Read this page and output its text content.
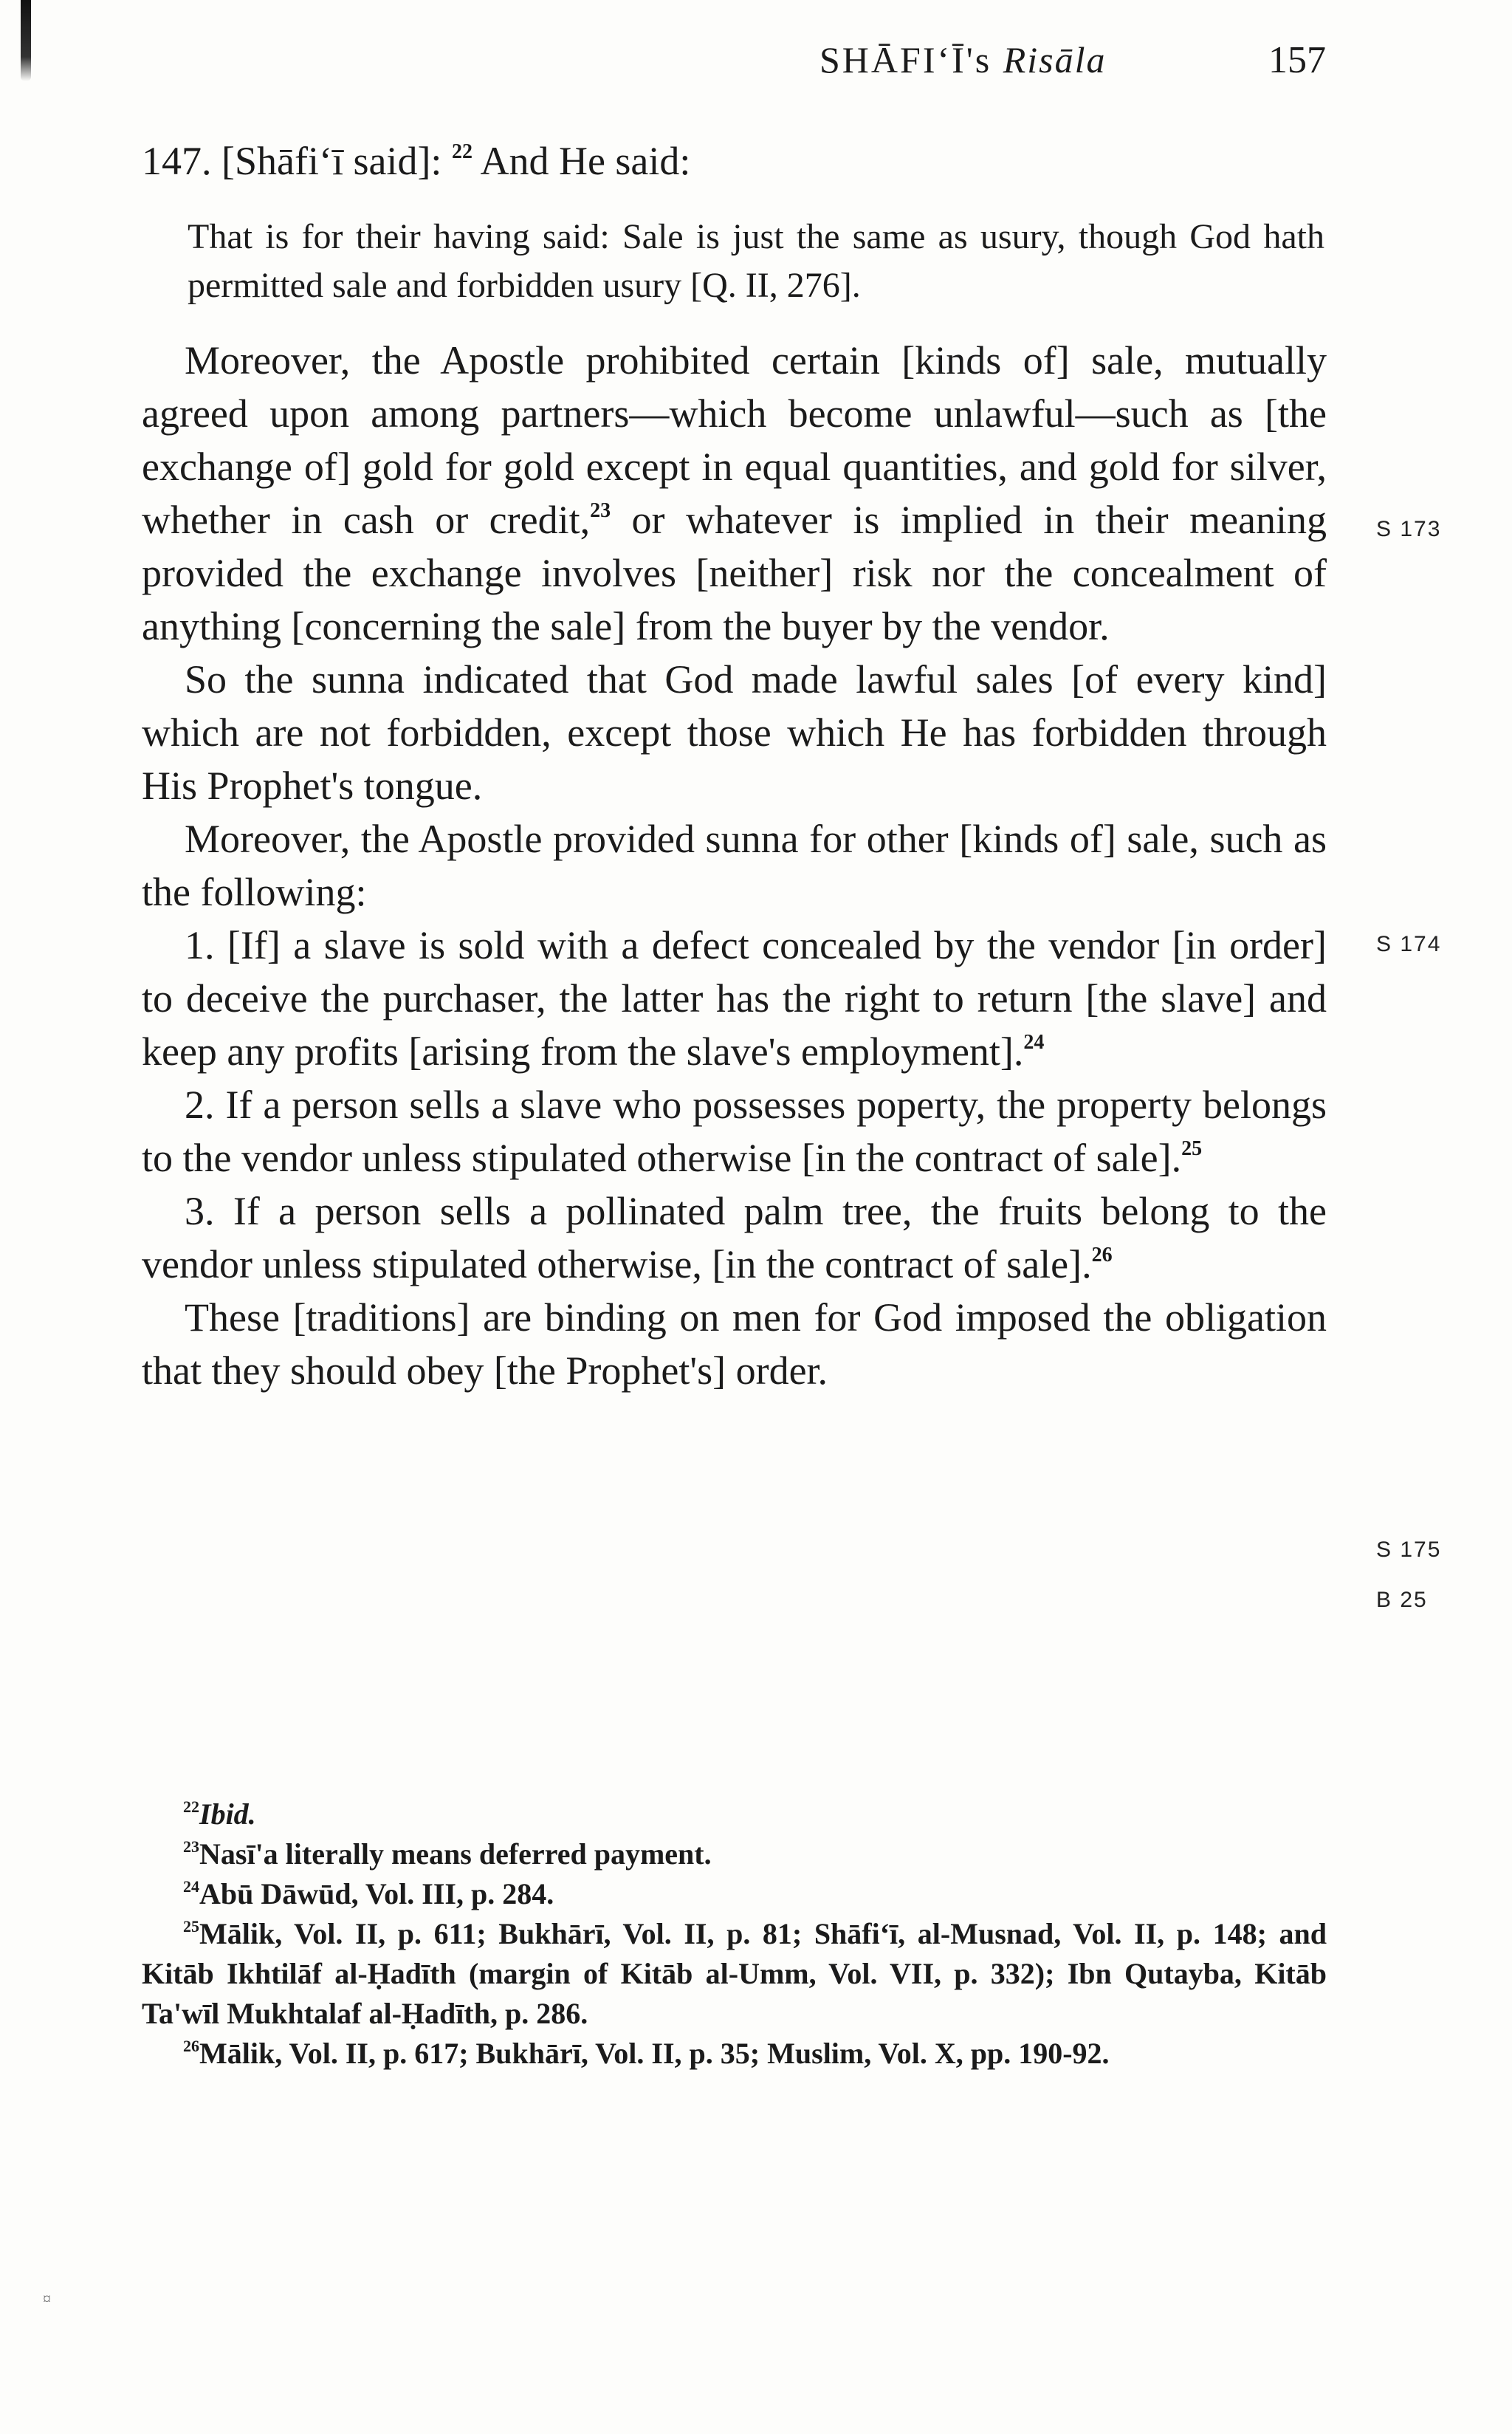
¤
SHĀFI‘Ī's Risāla	157

147. [Shāfi‘ī said]: $^{22}$ And He said:

That is for their having said: Sale is just the same as usury, though God hath permitted sale and forbidden usury [Q. II, 276].

Moreover, the Apostle prohibited certain [kinds of] sale, mutually agreed upon among partners—which become unlawful—such as [the exchange of] gold for gold except in equal quantities, and gold for silver, whether in cash or credit,$^{23}$ or whatever is implied in their meaning provided the exchange involves [neither] risk nor the concealment of anything [concerning the sale] from the buyer by the vendor.

So the sunna indicated that God made lawful sales [of every kind] which are not forbidden, except those which He has forbidden through His Prophet's tongue.

Moreover, the Apostle provided sunna for other [kinds of] sale, such as the following:

1. [If] a slave is sold with a defect concealed by the vendor [in order] to deceive the purchaser, the latter has the right to return [the slave] and keep any profits [arising from the slave's employment].$^{24}$

2. If a person sells a slave who possesses poperty, the property belongs to the vendor unless stipulated otherwise [in the contract of sale].$^{25}$

3. If a person sells a pollinated palm tree, the fruits belong to the vendor unless stipulated otherwise, [in the contract of sale].$^{26}$

These [traditions] are binding on men for God imposed the obligation that they should obey [the Prophet's] order.

S 173
S 174
S 175
B 25

$^{22}$Ibid.

$^{23}$Nasī'a literally means deferred payment.

$^{24}$Abū Dāwūd, Vol. III, p. 284.

$^{25}$Mālik, Vol. II, p. 611; Bukhārī, Vol. II, p. 81; Shāfi‘ī, al-Musnad, Vol. II, p. 148; and Kitāb Ikhtilāf al-Ḥadīth (margin of Kitāb al-Umm, Vol. VII, p. 332); Ibn Qutayba, Kitāb Ta'wīl Mukhtalaf al-Ḥadīth, p. 286.

$^{26}$Mālik, Vol. II, p. 617; Bukhārī, Vol. II, p. 35; Muslim, Vol. X, pp. 190-92.
